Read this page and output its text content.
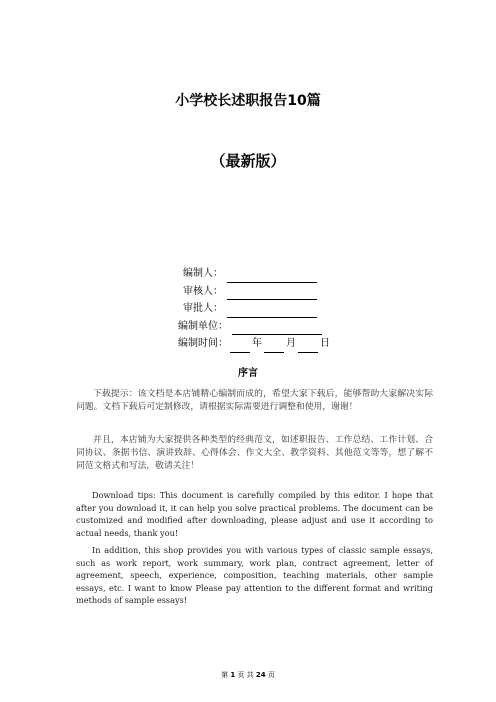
小学校长述职报告10篇
（最新版）
编制人：
审核人：
审批人：
编制单位：
编制时间： 年 月 日
序言
下载提示：该文档是本店铺精心编制而成的，希望大家下载后，能够帮助大家解决实际问题。文档下载后可定制修改，请根据实际需要进行调整和使用，谢谢！
并且，本店铺为大家提供各种类型的经典范文，如述职报告、工作总结、工作计划、合同协议、条据书信、演讲致辞、心得体会、作文大全、教学资料、其他范文等等，想了解不同范文格式和写法，敬请关注！
Download tips: This document is carefully compiled by this editor. I hope that after you download it, it can help you solve practical problems. The document can be customized and modified after downloading, please adjust and use it according to actual needs, thank you!
In addition, this shop provides you with various types of classic sample essays, such as work report, work summary, work plan, contract agreement, letter of agreement, speech, experience, composition, teaching materials, other sample essays, etc. I want to know Please pay attention to the different format and writing methods of sample essays!
第 1 页 共 24 页
